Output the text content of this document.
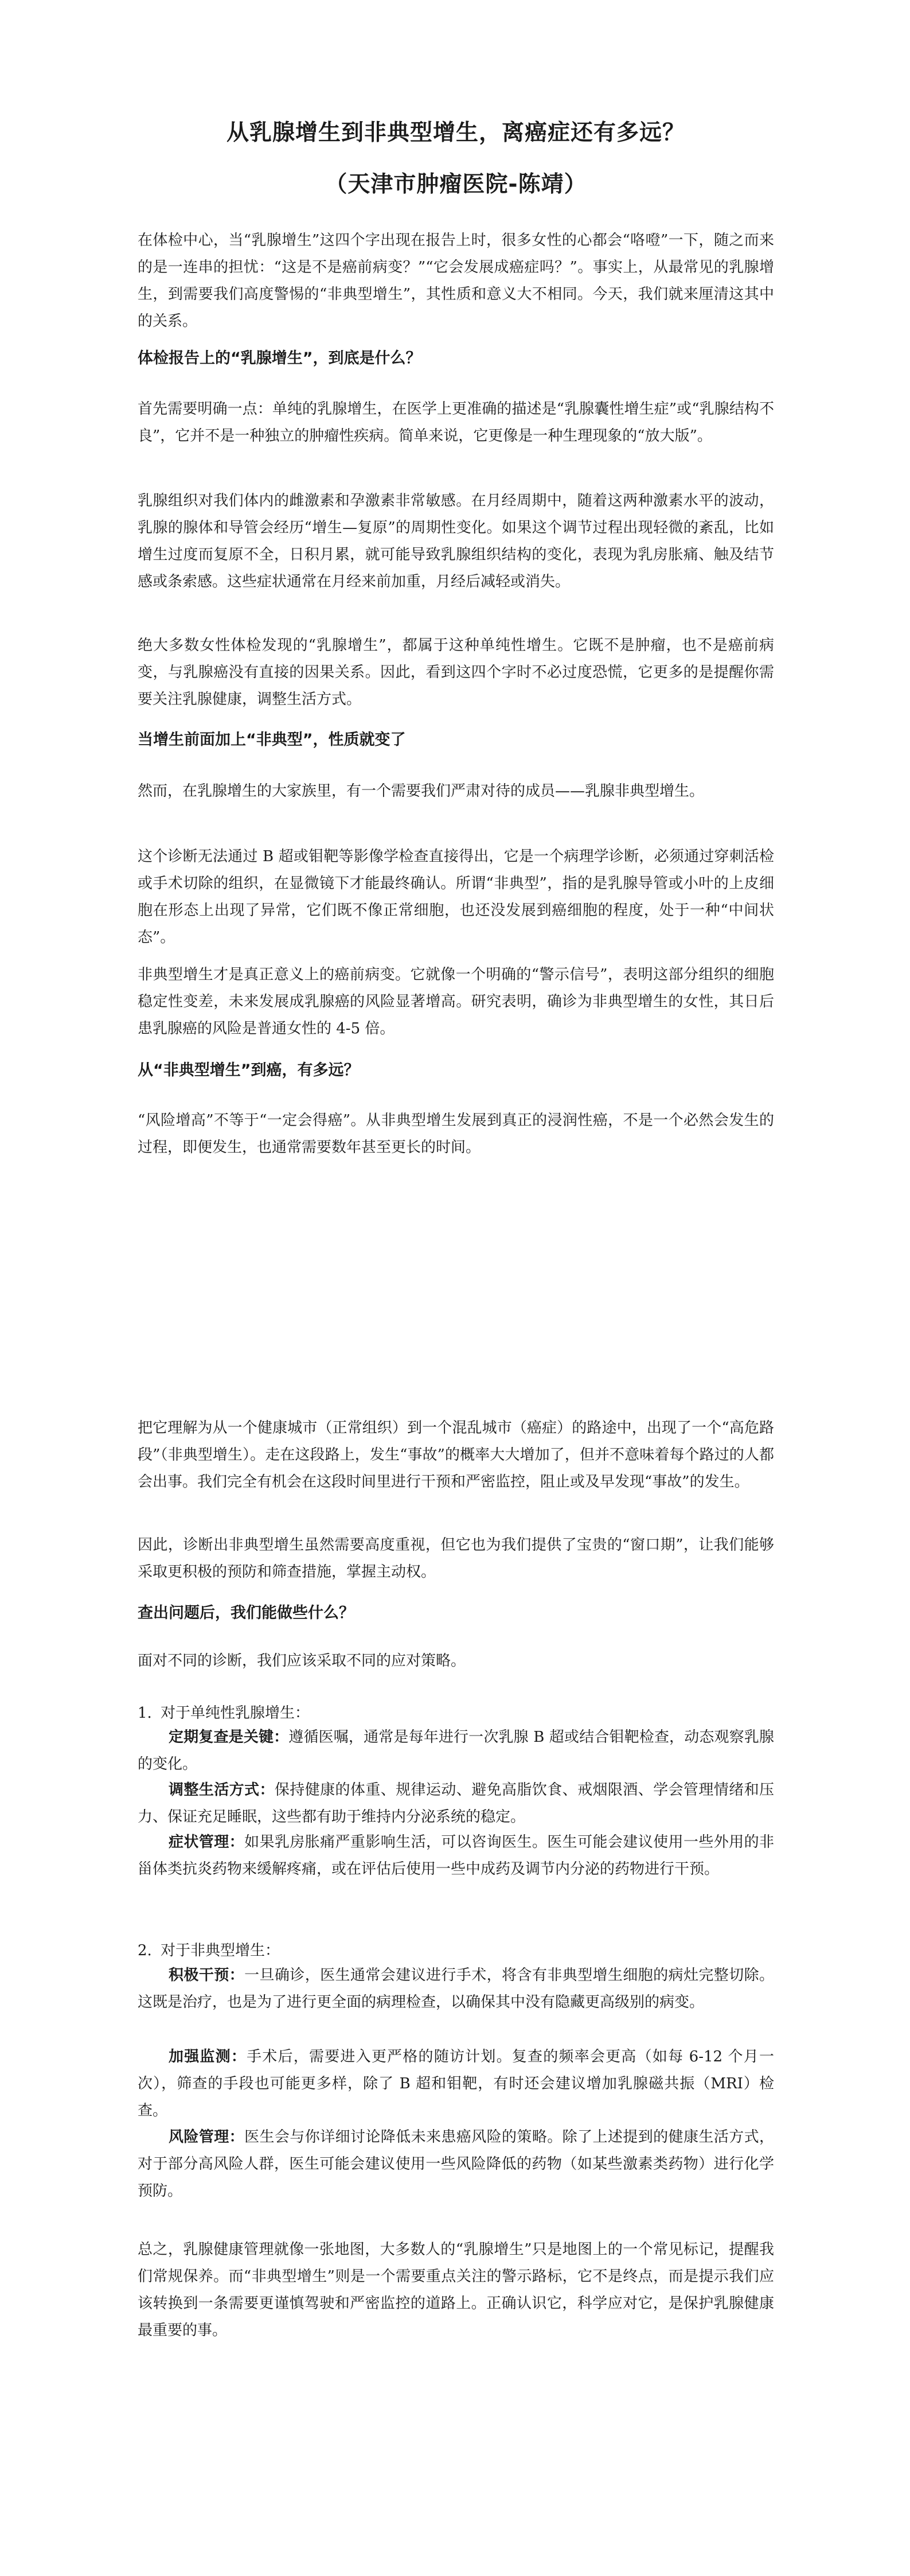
从乳腺增生到非典型增生，离癌症还有多远？
（天津市肿瘤医院-陈靖）

在体检中心，当“乳腺增生”这四个字出现在报告上时，很多女性的心都会“咯噔”一下，随之而来的是一连串的担忧：“这是不是癌前病变？”“它会发展成癌症吗？”。事实上，从最常见的乳腺增生，到需要我们高度警惕的“非典型增生”，其性质和意义大不相同。今天，我们就来厘清这其中的关系。

体检报告上的“乳腺增生”，到底是什么？

首先需要明确一点：单纯的乳腺增生，在医学上更准确的描述是“乳腺囊性增生症”或“乳腺结构不良”，它并不是一种独立的肿瘤性疾病。简单来说，它更像是一种生理现象的“放大版”。

乳腺组织对我们体内的雌激素和孕激素非常敏感。在月经周期中，随着这两种激素水平的波动，乳腺的腺体和导管会经历“增生—复原”的周期性变化。如果这个调节过程出现轻微的紊乱，比如增生过度而复原不全，日积月累，就可能导致乳腺组织结构的变化，表现为乳房胀痛、触及结节感或条索感。这些症状通常在月经来前加重，月经后减轻或消失。

绝大多数女性体检发现的“乳腺增生”，都属于这种单纯性增生。它既不是肿瘤，也不是癌前病变，与乳腺癌没有直接的因果关系。因此，看到这四个字时不必过度恐慌，它更多的是提醒你需要关注乳腺健康，调整生活方式。

当增生前面加上“非典型”，性质就变了

然而，在乳腺增生的大家族里，有一个需要我们严肃对待的成员——乳腺非典型增生。

这个诊断无法通过 B 超或钼靶等影像学检查直接得出，它是一个病理学诊断，必须通过穿刺活检或手术切除的组织，在显微镜下才能最终确认。所谓“非典型”，指的是乳腺导管或小叶的上皮细胞在形态上出现了异常，它们既不像正常细胞，也还没发展到癌细胞的程度，处于一种“中间状态”。

非典型增生才是真正意义上的癌前病变。它就像一个明确的“警示信号”，表明这部分组织的细胞稳定性变差，未来发展成乳腺癌的风险显著增高。研究表明，确诊为非典型增生的女性，其日后患乳腺癌的风险是普通女性的 4-5 倍。

从“非典型增生”到癌，有多远？

“风险增高”不等于“一定会得癌”。从非典型增生发展到真正的浸润性癌，不是一个必然会发生的过程，即便发生，也通常需要数年甚至更长的时间。

把它理解为从一个健康城市（正常组织）到一个混乱城市（癌症）的路途中，出现了一个“高危路段”（非典型增生）。走在这段路上，发生“事故”的概率大大增加了，但并不意味着每个路过的人都会出事。我们完全有机会在这段时间里进行干预和严密监控，阻止或及早发现“事故”的发生。

因此，诊断出非典型增生虽然需要高度重视，但它也为我们提供了宝贵的“窗口期”，让我们能够采取更积极的预防和筛查措施，掌握主动权。

查出问题后，我们能做些什么？

面对不同的诊断，我们应该采取不同的应对策略。

1. 对于单纯性乳腺增生：

定期复查是关键：遵循医嘱，通常是每年进行一次乳腺 B 超或结合钼靶检查，动态观察乳腺的变化。

调整生活方式：保持健康的体重、规律运动、避免高脂饮食、戒烟限酒、学会管理情绪和压力、保证充足睡眠，这些都有助于维持内分泌系统的稳定。

症状管理：如果乳房胀痛严重影响生活，可以咨询医生。医生可能会建议使用一些外用的非甾体类抗炎药物来缓解疼痛，或在评估后使用一些中成药及调节内分泌的药物进行干预。

2. 对于非典型增生：

积极干预：一旦确诊，医生通常会建议进行手术，将含有非典型增生细胞的病灶完整切除。这既是治疗，也是为了进行更全面的病理检查，以确保其中没有隐藏更高级别的病变。

加强监测：手术后，需要进入更严格的随访计划。复查的频率会更高（如每 6-12 个月一次），筛查的手段也可能更多样，除了 B 超和钼靶，有时还会建议增加乳腺磁共振（MRI）检查。

风险管理：医生会与你详细讨论降低未来患癌风险的策略。除了上述提到的健康生活方式，对于部分高风险人群，医生可能会建议使用一些风险降低的药物（如某些激素类药物）进行化学预防。

总之，乳腺健康管理就像一张地图，大多数人的“乳腺增生”只是地图上的一个常见标记，提醒我们常规保养。而“非典型增生”则是一个需要重点关注的警示路标，它不是终点，而是提示我们应该转换到一条需要更谨慎驾驶和严密监控的道路上。正确认识它，科学应对它，是保护乳腺健康最重要的事。
